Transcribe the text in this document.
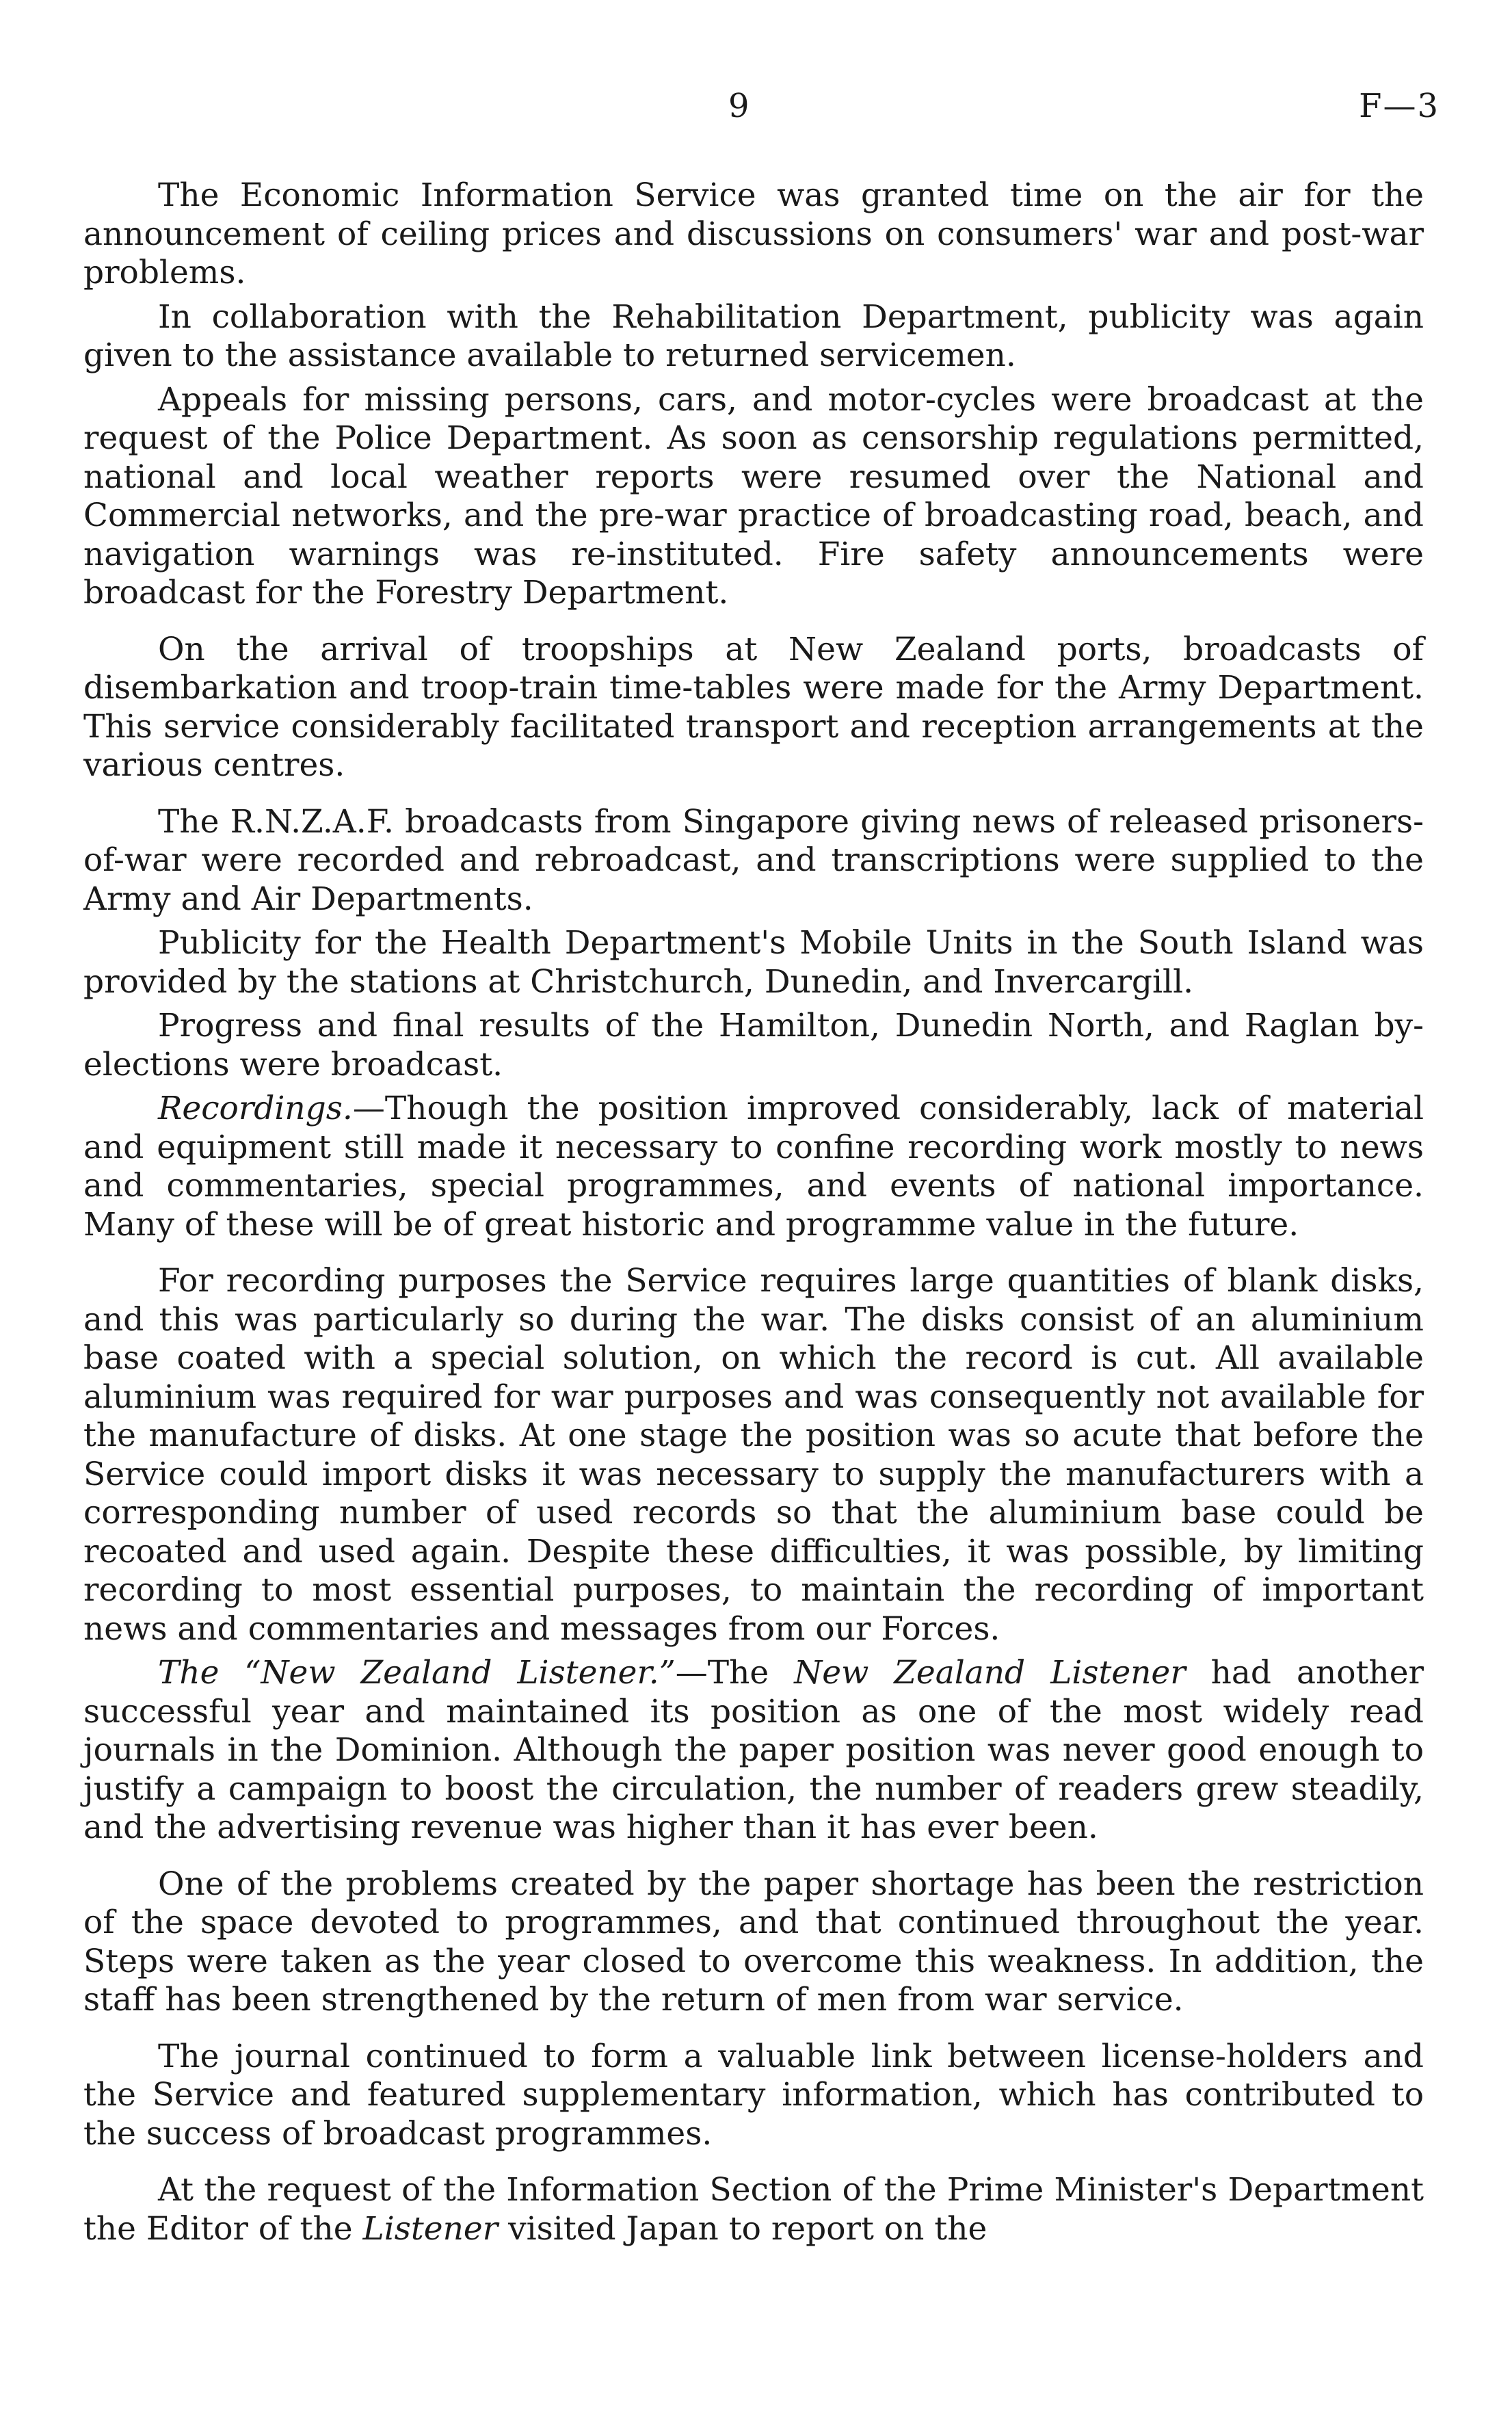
9	F—3

The Economic Information Service was granted time on the air for the announcement of ceiling prices and discussions on consumers' war and post-war problems.

In collaboration with the Rehabilitation Department, publicity was again given to the assistance available to returned servicemen.

Appeals for missing persons, cars, and motor-cycles were broadcast at the request of the Police Department. As soon as censorship regulations permitted, national and local weather reports were resumed over the National and Commercial networks, and the pre-war practice of broadcasting road, beach, and navigation warnings was re-instituted. Fire safety announcements were broadcast for the Forestry Department.

On the arrival of troopships at New Zealand ports, broadcasts of disembarkation and troop-train time-tables were made for the Army Department. This service considerably facilitated transport and reception arrangements at the various centres.

The R.N.Z.A.F. broadcasts from Singapore giving news of released prisoners-of-war were recorded and rebroadcast, and transcriptions were supplied to the Army and Air Departments.

Publicity for the Health Department's Mobile Units in the South Island was provided by the stations at Christchurch, Dunedin, and Invercargill.

Progress and final results of the Hamilton, Dunedin North, and Raglan by-elections were broadcast.

Recordings.—Though the position improved considerably, lack of material and equipment still made it necessary to confine recording work mostly to news and commentaries, special programmes, and events of national importance. Many of these will be of great historic and programme value in the future.

For recording purposes the Service requires large quantities of blank disks, and this was particularly so during the war. The disks consist of an aluminium base coated with a special solution, on which the record is cut. All available aluminium was required for war purposes and was consequently not available for the manufacture of disks. At one stage the position was so acute that before the Service could import disks it was necessary to supply the manufacturers with a corresponding number of used records so that the aluminium base could be recoated and used again. Despite these difficulties, it was possible, by limiting recording to most essential purposes, to maintain the recording of important news and commentaries and messages from our Forces.

The “New Zealand Listener.”—The New Zealand Listener had another successful year and maintained its position as one of the most widely read journals in the Dominion. Although the paper position was never good enough to justify a campaign to boost the circulation, the number of readers grew steadily, and the advertising revenue was higher than it has ever been.

One of the problems created by the paper shortage has been the restriction of the space devoted to programmes, and that continued throughout the year. Steps were taken as the year closed to overcome this weakness. In addition, the staff has been strengthened by the return of men from war service.

The journal continued to form a valuable link between license-holders and the Service and featured supplementary information, which has contributed to the success of broadcast programmes.

At the request of the Information Section of the Prime Minister's Department the Editor of the Listener visited Japan to report on the
